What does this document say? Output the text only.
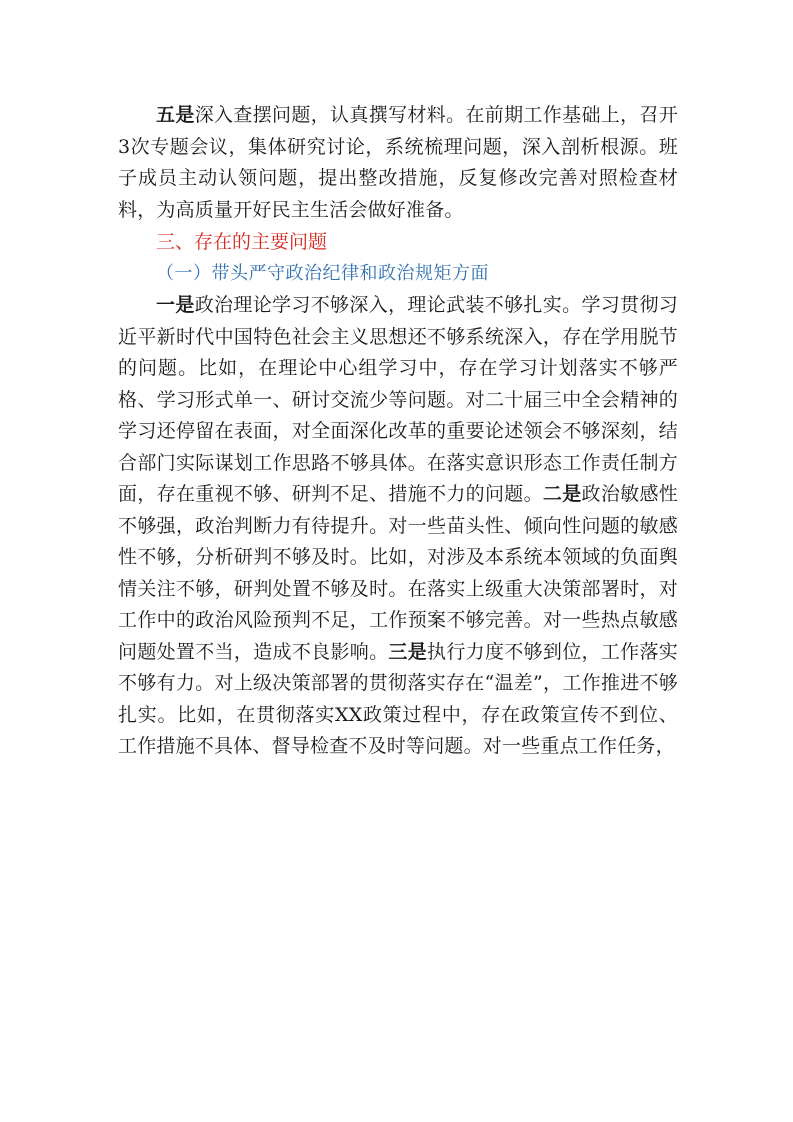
五是深入查摆问题，认真撰写材料。在前期工作基础上，召开3次专题会议，集体研究讨论，系统梳理问题，深入剖析根源。班子成员主动认领问题，提出整改措施，反复修改完善对照检查材料，为高质量开好民主生活会做好准备。

三、存在的主要问题
（一）带头严守政治纪律和政治规矩方面

一是政治理论学习不够深入，理论武装不够扎实。学习贯彻习近平新时代中国特色社会主义思想还不够系统深入，存在学用脱节的问题。比如，在理论中心组学习中，存在学习计划落实不够严格、学习形式单一、研讨交流少等问题。对二十届三中全会精神的学习还停留在表面，对全面深化改革的重要论述领会不够深刻，结合部门实际谋划工作思路不够具体。在落实意识形态工作责任制方面，存在重视不够、研判不足、措施不力的问题。二是政治敏感性不够强，政治判断力有待提升。对一些苗头性、倾向性问题的敏感性不够，分析研判不够及时。比如，对涉及本系统本领域的负面舆情关注不够，研判处置不够及时。在落实上级重大决策部署时，对工作中的政治风险预判不足，工作预案不够完善。对一些热点敏感问题处置不当，造成不良影响。三是执行力度不够到位，工作落实不够有力。对上级决策部署的贯彻落实存在“温差”，工作推进不够扎实。比如，在贯彻落实XX政策过程中，存在政策宣传不到位、工作措施不具体、督导检查不及时等问题。对一些重点工作任务，
